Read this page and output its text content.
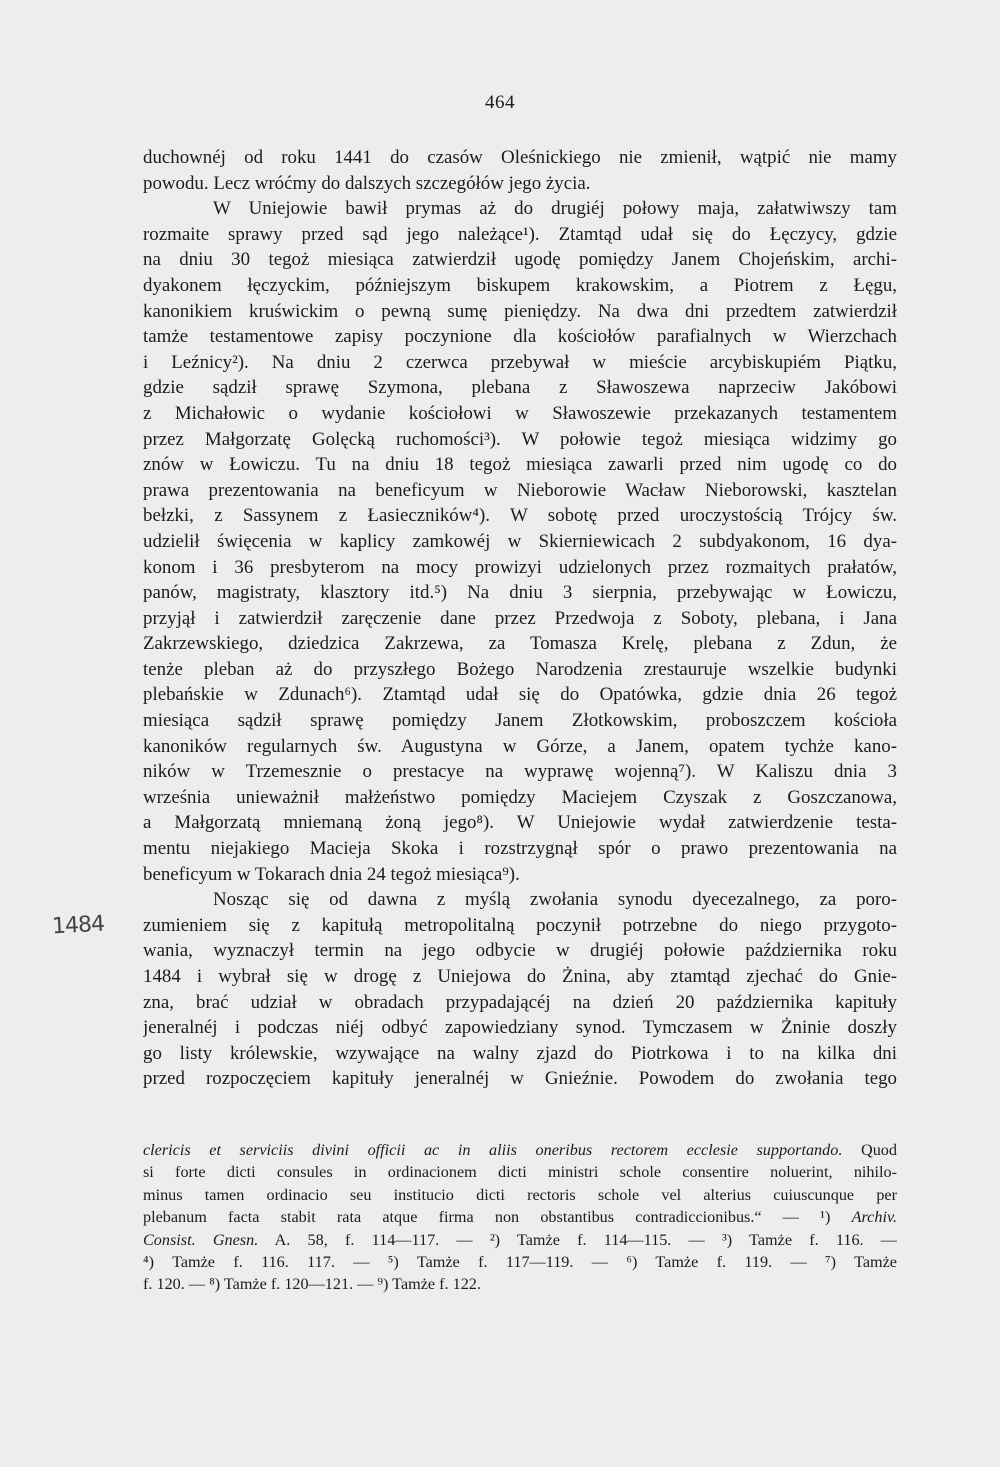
464
1484
duchownéj od roku 1441 do czasów Oleśnickiego nie zmienił, wątpić nie mamy
powodu. Lecz wróćmy do dalszych szczegółów jego życia.
W Uniejowie bawił prymas aż do drugiéj połowy maja, załatwiwszy tam
rozmaite sprawy przed sąd jego należące¹). Ztamtąd udał się do Łęczycy, gdzie
na dniu 30 tegoż miesiąca zatwierdził ugodę pomiędzy Janem Chojeńskim, archi-
dyakonem łęczyckim, późniejszym biskupem krakowskim, a Piotrem z Łęgu,
kanonikiem kruświckim o pewną sumę pieniędzy. Na dwa dni przedtem zatwierdził
tamże testamentowe zapisy poczynione dla kościołów parafialnych w Wierzchach
i Leźnicy²). Na dniu 2 czerwca przebywał w mieście arcybiskupiém Piątku,
gdzie sądził sprawę Szymona, plebana z Sławoszewa naprzeciw Jakóbowi
z Michałowic o wydanie kościołowi w Sławoszewie przekazanych testamentem
przez Małgorzatę Golęcką ruchomości³). W połowie tegoż miesiąca widzimy go
znów w Łowiczu. Tu na dniu 18 tegoż miesiąca zawarli przed nim ugodę co do
prawa prezentowania na beneficyum w Nieborowie Wacław Nieborowski, kasztelan
bełzki, z Sassynem z Łasieczników⁴). W sobotę przed uroczystością Trójcy św.
udzielił święcenia w kaplicy zamkowéj w Skierniewicach 2 subdyakonom, 16 dya-
konom i 36 presbyterom na mocy prowizyi udzielonych przez rozmaitych prałatów,
panów, magistraty, klasztory itd.⁵) Na dniu 3 sierpnia, przebywając w Łowiczu,
przyjął i zatwierdził zaręczenie dane przez Przedwoja z Soboty, plebana, i Jana
Zakrzewskiego, dziedzica Zakrzewa, za Tomasza Krelę, plebana z Zdun, że
tenże pleban aż do przyszłego Bożego Narodzenia zrestauruje wszelkie budynki
plebańskie w Zdunach⁶). Ztamtąd udał się do Opatówka, gdzie dnia 26 tegoż
miesiąca sądził sprawę pomiędzy Janem Złotkowskim, proboszczem kościoła
kanoników regularnych św. Augustyna w Górze, a Janem, opatem tychże kano-
ników w Trzemesznie o prestacye na wyprawę wojenną⁷). W Kaliszu dnia 3
września unieważnił małżeństwo pomiędzy Maciejem Czyszak z Goszczanowa,
a Małgorzatą mniemaną żoną jego⁸). W Uniejowie wydał zatwierdzenie testa-
mentu niejakiego Macieja Skoka i rozstrzygnął spór o prawo prezentowania na
beneficyum w Tokarach dnia 24 tegoż miesiąca⁹).
Nosząc się od dawna z myślą zwołania synodu dyecezalnego, za poro-
zumieniem się z kapitułą metropolitalną poczynił potrzebne do niego przygoto-
wania, wyznaczył termin na jego odbycie w drugiéj połowie października roku
1484 i wybrał się w drogę z Uniejowa do Żnina, aby ztamtąd zjechać do Gnie-
zna, brać udział w obradach przypadającéj na dzień 20 października kapituły
jeneralnéj i podczas niéj odbyć zapowiedziany synod. Tymczasem w Żninie doszły
go listy królewskie, wzywające na walny zjazd do Piotrkowa i to na kilka dni
przed rozpoczęciem kapituły jeneralnéj w Gnieźnie. Powodem do zwołania tego
clericis et serviciis divini officii ac in aliis oneribus rectorem ecclesie supportando. Quod
si forte dicti consules in ordinacionem dicti ministri schole consentire noluerint, nihilo-
minus tamen ordinacio seu institucio dicti rectoris schole vel alterius cuiuscunque per
plebanum facta stabit rata atque firma non obstantibus contradiccionibus.“ — ¹) Archiv.
Consist. Gnesn. A. 58, f. 114—117. — ²) Tamże f. 114—115. — ³) Tamże f. 116. —
⁴) Tamże f. 116. 117. — ⁵) Tamże f. 117—119. — ⁶) Tamże f. 119. — ⁷) Tamże
f. 120. — ⁸) Tamże f. 120—121. — ⁹) Tamże f. 122.
